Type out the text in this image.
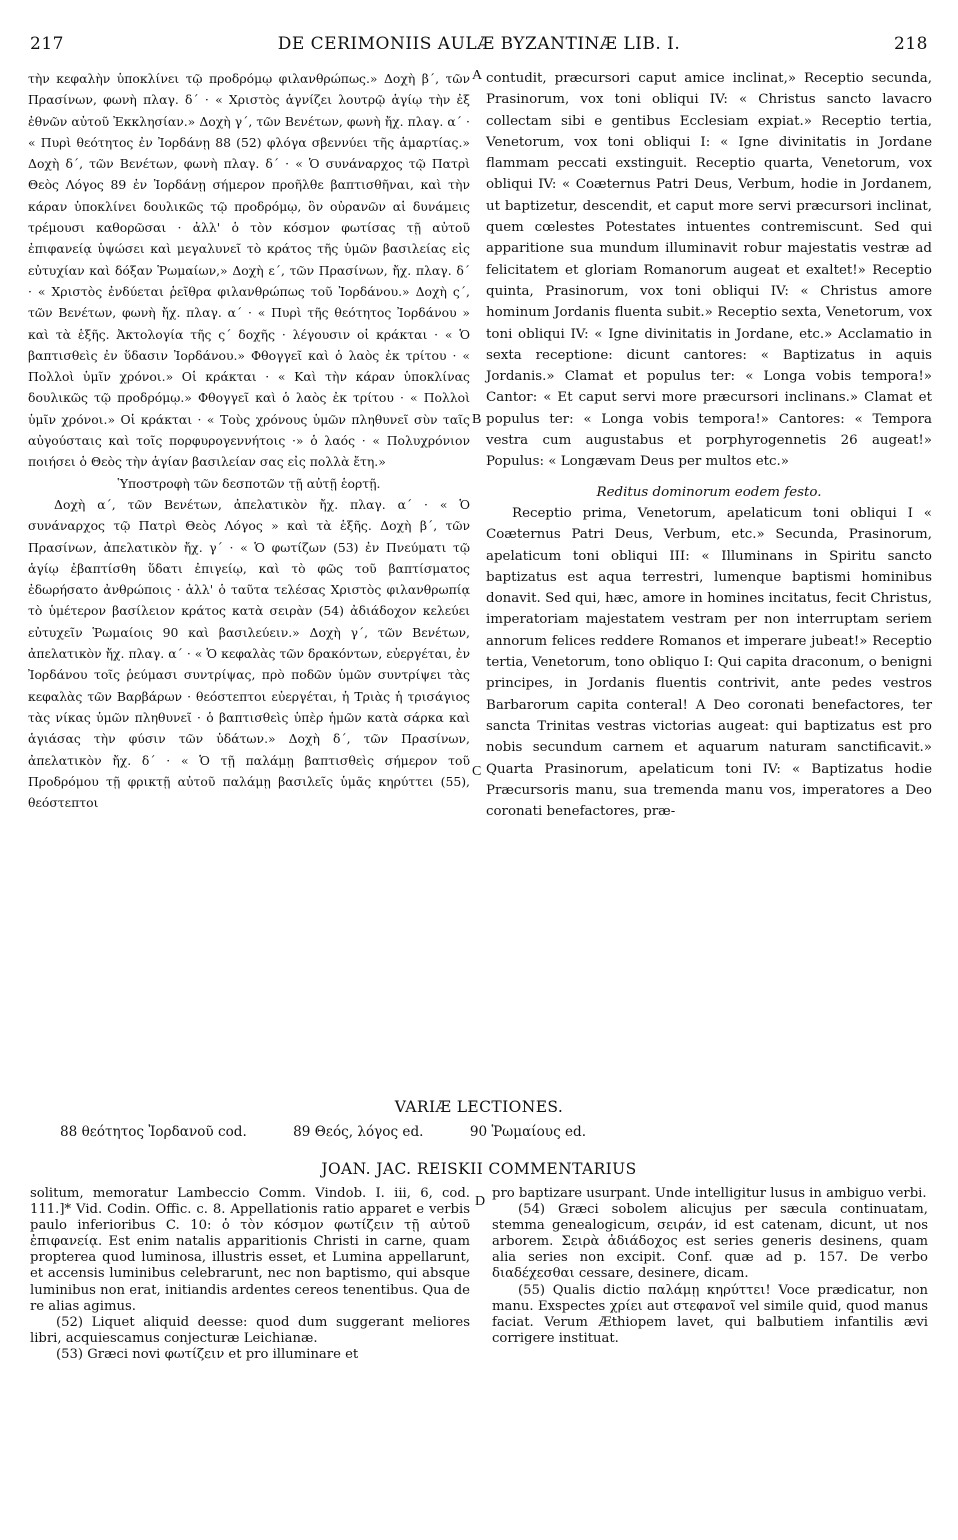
217	DE CERIMONIIS AULÆ BYZANTINÆ LIB. I.	218

τὴν κεφαλὴν ὑποκλίνει τῷ προδρόμῳ φιλανθρώπως.» Δοχὴ β΄, τῶν Πρασίνων, φωνὴ πλαγ. δ΄ · « Χριστὸς ἁγνίζει λουτρῷ ἁγίῳ τὴν ἐξ ἐθνῶν αὐτοῦ Ἐκκλησίαν.» Δοχὴ γ΄, τῶν Βενέτων, φωνὴ ἤχ. πλαγ. α΄ · « Πυρὶ θεότητος ἐν Ἰορδάνῃ 88 (52) φλόγα σβεννύει τῆς ἁμαρτίας.» Δοχὴ δ΄, τῶν Βενέτων, φωνὴ πλαγ. δ΄ · « Ὁ συνάναρχος τῷ Πατρὶ Θεὸς Λόγος 89 ἐν Ἰορδάνῃ σήμερον προῆλθε βαπτισθῆναι, καὶ τὴν κάραν ὑποκλίνει δουλικῶς τῷ προδρόμῳ, ὃν οὐρανῶν αἱ δυνάμεις τρέμουσι καθορῶσαι · ἀλλ' ὁ τὸν κόσμον φωτίσας τῇ αὐτοῦ ἐπιφανείᾳ ὑψώσει καὶ μεγαλυνεῖ τὸ κράτος τῆς ὑμῶν βασιλείας εἰς εὐτυχίαν καὶ δόξαν Ῥωμαίων,» Δοχὴ ε΄, τῶν Πρασίνων, ἤχ. πλαγ. δ΄ · « Χριστὸς ἐνδύεται ῥεῖθρα φιλανθρώπως τοῦ Ἰορδάνου.» Δοχὴ ς΄, τῶν Βενέτων, φωνὴ ἤχ. πλαγ. α΄ · « Πυρὶ τῆς θεότητος Ἰορδάνου » καὶ τὰ ἑξῆς. Ἀκτολογία τῆς ς΄ δοχῆς · λέγουσιν οἱ κράκται · « Ὁ βαπτισθεὶς ἐν ὕδασιν Ἰορδάνου.» Φθογγεῖ καὶ ὁ λαὸς ἐκ τρίτου · « Πολλοὶ ὑμῖν χρόνοι.» Οἱ κράκται · « Καὶ τὴν κάραν ὑποκλίνας δουλικῶς τῷ προδρόμῳ.» Φθογγεῖ καὶ ὁ λαὸς ἐκ τρίτου · « Πολλοὶ ὑμῖν χρόνοι.» Οἱ κράκται · « Τοὺς χρόνους ὑμῶν πληθυνεῖ σὺν ταῖς αὐγούσταις καὶ τοῖς πορφυρογεννήτοις ·» ὁ λαός · « Πολυχρόνιον ποιήσει ὁ Θεὸς τὴν ἁγίαν βασιλείαν σας εἰς πολλὰ ἔτη.»

Ὑποστροφὴ τῶν δεσποτῶν τῇ αὐτῇ ἑορτῇ.

Δοχὴ α΄, τῶν Βενέτων, ἀπελατικὸν ἤχ. πλαγ. α΄ · « Ὁ συνάναρχος τῷ Πατρὶ Θεὸς Λόγος » καὶ τὰ ἑξῆς. Δοχὴ β΄, τῶν Πρασίνων, ἀπελατικὸν ἤχ. γ΄ · « Ὁ φωτίζων (53) ἐν Πνεύματι τῷ ἁγίῳ ἐβαπτίσθη ὕδατι ἐπιγείῳ, καὶ τὸ φῶς τοῦ βαπτίσματος ἐδωρήσατο ἀνθρώποις · ἀλλ' ὁ ταῦτα τελέσας Χριστὸς φιλανθρωπίᾳ τὸ ὑμέτερον βασίλειον κράτος κατὰ σειρὰν (54) ἀδιάδοχον κελεύει εὐτυχεῖν Ῥωμαίοις 90 καὶ βασιλεύειν.» Δοχὴ γ΄, τῶν Βενέτων, ἀπελατικὸν ἤχ. πλαγ. α΄ · « Ὁ κεφαλὰς τῶν δρακόντων, εὐεργέται, ἐν Ἰορδάνου τοῖς ῥεύμασι συντρίψας, πρὸ ποδῶν ὑμῶν συντρίψει τὰς κεφαλὰς τῶν Βαρβάρων · θεόστεπτοι εὐεργέται, ἡ Τριὰς ἡ τρισάγιος τὰς νίκας ὑμῶν πληθυνεῖ · ὁ βαπτισθεὶς ὑπὲρ ἡμῶν κατὰ σάρκα καὶ ἁγιάσας τὴν φύσιν τῶν ὑδάτων.» Δοχὴ δ΄, τῶν Πρασίνων, ἀπελατικὸν ἤχ. δ΄ · « Ὁ τῇ παλάμῃ βαπτισθεὶς σήμερον τοῦ Προδρόμου τῇ φρικτῇ αὐτοῦ παλάμῃ βασιλεῖς ὑμᾶς κηρύττει (55), θεόστεπτοι

contudit, præcursori caput amice inclinat,» Receptio secunda, Prasinorum, vox toni obliqui IV: « Christus sancto lavacro collectam sibi e gentibus Ecclesiam expiat.» Receptio tertia, Venetorum, vox toni obliqui I: « Igne divinitatis in Jordane flammam peccati exstinguit. Receptio quarta, Venetorum, vox obliqui IV: « Coæternus Patri Deus, Verbum, hodie in Jordanem, ut baptizetur, descendit, et caput more servi præcursori inclinat, quem cœlestes Potestates intuentes contremiscunt. Sed qui apparitione sua mundum illuminavit robur majestatis vestræ ad felicitatem et gloriam Romanorum augeat et exaltet!» Receptio quinta, Prasinorum, vox toni obliqui IV: « Christus amore hominum Jordanis fluenta subit.» Receptio sexta, Venetorum, vox toni obliqui IV: « Igne divinitatis in Jordane, etc.» Acclamatio in sexta receptione: dicunt cantores: « Baptizatus in aquis Jordanis.» Clamat et populus ter: « Longa vobis tempora!» Cantor: « Et caput servi more præcursori inclinans.» Clamat et populus ter: « Longa vobis tempora!» Cantores: « Tempora vestra cum augustabus et porphyrogennetis 26 augeat!» Populus: « Longævam Deus per multos etc.»

Reditus dominorum eodem festo.

Receptio prima, Venetorum, apelaticum toni obliqui I « Coæternus Patri Deus, Verbum, etc.» Secunda, Prasinorum, apelaticum toni obliqui III: « Illuminans in Spiritu sancto baptizatus est aqua terrestri, lumenque baptismi hominibus donavit. Sed qui, hæc, amore in homines incitatus, fecit Christus, imperatoriam majestatem vestram per non interruptam seriem annorum felices reddere Romanos et imperare jubeat!» Receptio tertia, Venetorum, tono obliquo I: Qui capita draconum, o benigni principes, in Jordanis fluentis contrivit, ante pedes vestros Barbarorum capita conteral! A Deo coronati benefactores, ter sancta Trinitas vestras victorias augeat: qui baptizatus est pro nobis secundum carnem et aquarum naturam sanctificavit.» Quarta Prasinorum, apelaticum toni IV: « Baptizatus hodie Præcursoris manu, sua tremenda manu vos, imperatores a Deo coronati benefactores, præ-

A
B
C
D
VARIÆ LECTIONES.
88 θεότητος Ἰορδανοῦ cod.	89 Θεός, λόγος ed.	90 Ῥωμαίους ed.
JOAN. JAC. REISKII COMMENTARIUS

solitum, memoratur Lambeccio Comm. Vindob. I. iii, 6, cod. 111.]* Vid. Codin. Offic. c. 8. Appellationis ratio apparet e verbis paulo inferioribus C. 10: ὁ τὸν κόσμον φωτίζειν τῇ αὐτοῦ ἐπιφανείᾳ. Est enim natalis apparitionis Christi in carne, quam propterea quod luminosa, illustris esset, et Lumina appellarunt, et accensis luminibus celebrarunt, nec non baptismo, qui absque luminibus non erat, initiandis ardentes cereos tenentibus. Qua de re alias agimus.

(52) Liquet aliquid deesse: quod dum suggerant meliores libri, acquiescamus conjecturæ Leichianæ.

(53) Græci novi φωτίζειν et pro illuminare et

pro baptizare usurpant. Unde intelligitur lusus in ambiguo verbi.

(54) Græci sobolem alicujus per sæcula continuatam, stemma genealogicum, σειράν, id est catenam, dicunt, ut nos arborem. Σειρὰ ἀδιάδοχος est series generis desinens, quam alia series non excipit. Conf. quæ ad p. 157. De verbo διαδέχεσθαι cessare, desinere, dicam.

(55) Qualis dictio παλάμῃ κηρύττει! Voce prædicatur, non manu. Exspectes χρίει aut στεφανοῖ vel simile quid, quod manus faciat. Verum Æthiopem lavet, qui balbutiem infantilis ævi corrigere instituat.
